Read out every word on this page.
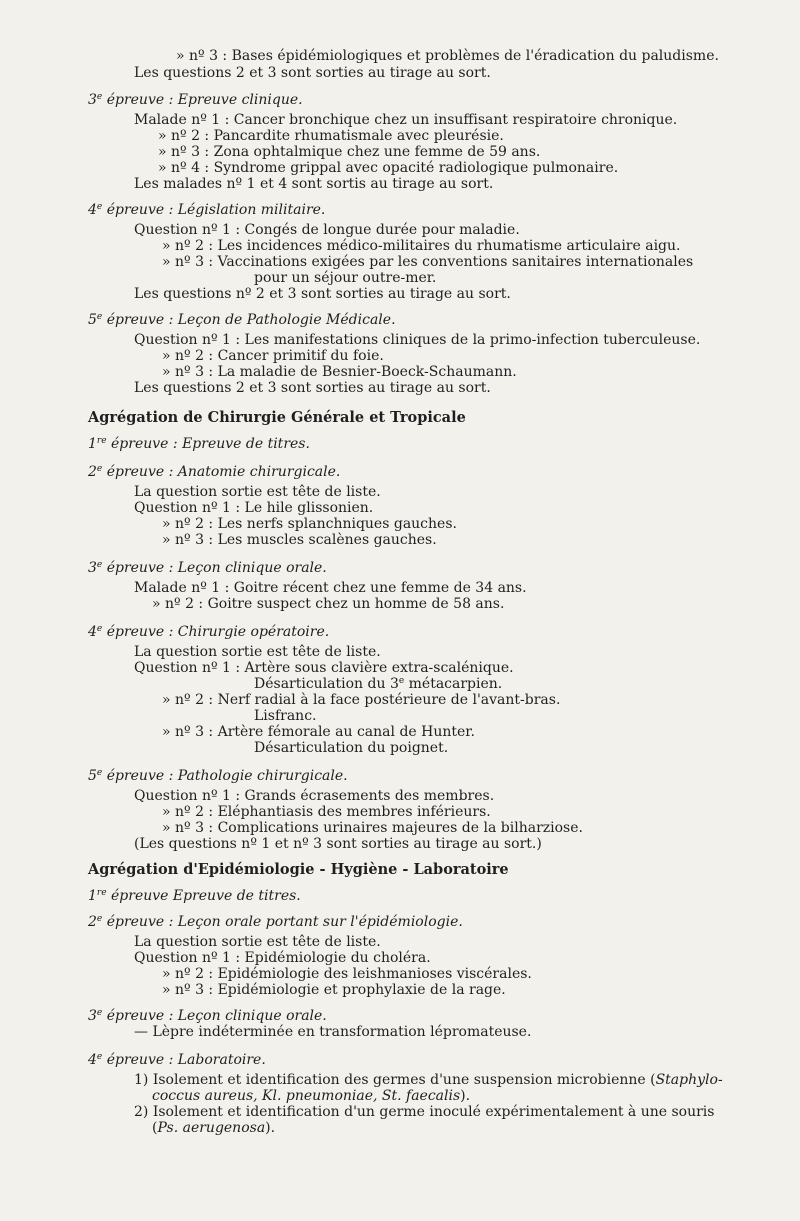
» nº 3 : Bases épidémiologiques et problèmes de l'éradication du paludisme.

Les questions 2 et 3 sont sorties au tirage au sort.

3e épreuve : Epreuve clinique.

Malade nº 1 : Cancer bronchique chez un insuffisant respiratoire chronique.

» nº 2 : Pancardite rhumatismale avec pleurésie.

» nº 3 : Zona ophtalmique chez une femme de 59 ans.

» nº 4 : Syndrome grippal avec opacité radiologique pulmonaire.

Les malades nº 1 et 4 sont sortis au tirage au sort.

4e épreuve : Législation militaire.

Question nº 1 : Congés de longue durée pour maladie.

» nº 2 : Les incidences médico-militaires du rhumatisme articulaire aigu.

» nº 3 : Vaccinations exigées par les conventions sanitaires internationales

pour un séjour outre-mer.

Les questions nº 2 et 3 sont sorties au tirage au sort.

5e épreuve : Leçon de Pathologie Médicale.

Question nº 1 : Les manifestations cliniques de la primo-infection tuberculeuse.

» nº 2 : Cancer primitif du foie.

» nº 3 : La maladie de Besnier-Boeck-Schaumann.

Les questions 2 et 3 sont sorties au tirage au sort.

Agrégation de Chirurgie Générale et Tropicale

1re épreuve : Epreuve de titres.

2e épreuve : Anatomie chirurgicale.

La question sortie est tête de liste.

Question nº 1 : Le hile glissonien.

» nº 2 : Les nerfs splanchniques gauches.

» nº 3 : Les muscles scalènes gauches.

3e épreuve : Leçon clinique orale.

Malade nº 1 : Goitre récent chez une femme de 34 ans.

» nº 2 : Goitre suspect chez un homme de 58 ans.

4e épreuve : Chirurgie opératoire.

La question sortie est tête de liste.

Question nº 1 : Artère sous clavière extra-scalénique.

Désarticulation du 3e métacarpien.

» nº 2 : Nerf radial à la face postérieure de l'avant-bras.

Lisfranc.

» nº 3 : Artère fémorale au canal de Hunter.

Désarticulation du poignet.

5e épreuve : Pathologie chirurgicale.

Question nº 1 : Grands écrasements des membres.

» nº 2 : Eléphantiasis des membres inférieurs.

» nº 3 : Complications urinaires majeures de la bilharziose.

(Les questions nº 1 et nº 3 sont sorties au tirage au sort.)

Agrégation d'Epidémiologie - Hygiène - Laboratoire

1re épreuve Epreuve de titres.

2e épreuve : Leçon orale portant sur l'épidémiologie.

La question sortie est tête de liste.

Question nº 1 : Epidémiologie du choléra.

» nº 2 : Epidémiologie des leishmanioses viscérales.

» nº 3 : Epidémiologie et prophylaxie de la rage.

3e épreuve : Leçon clinique orale.

— Lèpre indéterminée en transformation lépromateuse.

4e épreuve : Laboratoire.

1) Isolement et identification des germes d'une suspension microbienne (Staphylo-

coccus aureus, Kl. pneumoniae, St. faecalis).

2) Isolement et identification d'un germe inoculé expérimentalement à une souris

(Ps. aerugenosa).
